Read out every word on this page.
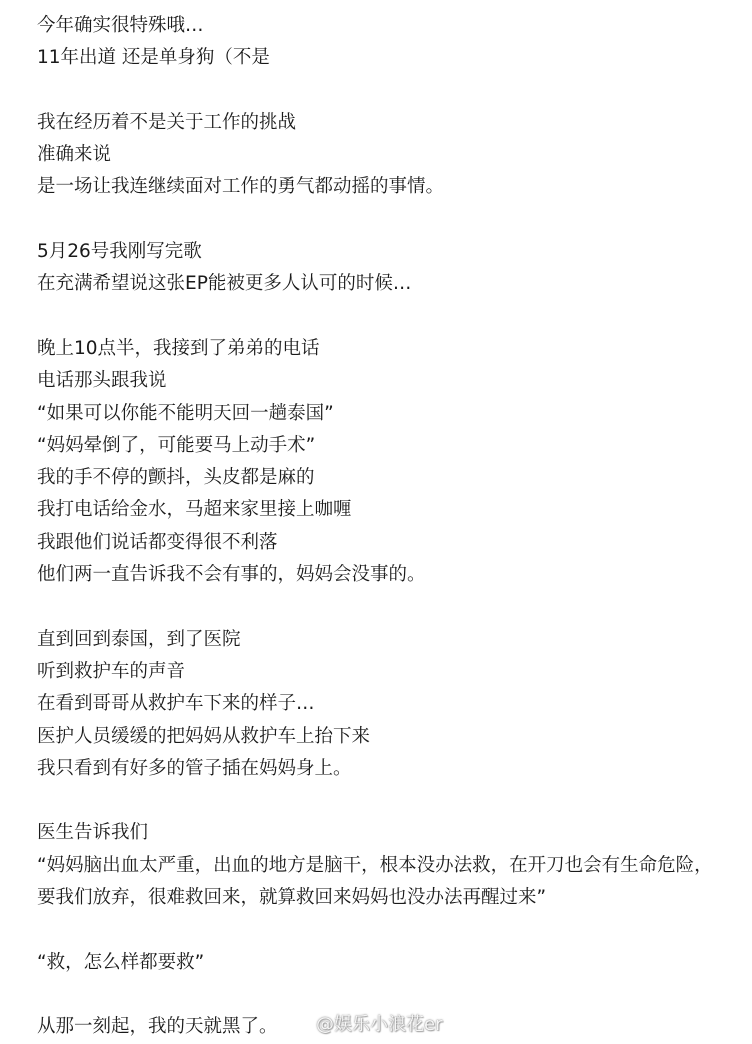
今年确实很特殊哦…
11年出道 还是单身狗（不是
我在经历着不是关于工作的挑战
准确来说
是一场让我连继续面对工作的勇气都动摇的事情。
5月26号我刚写完歌
在充满希望说这张EP能被更多人认可的时候…
晚上10点半，我接到了弟弟的电话
电话那头跟我说
“如果可以你能不能明天回一趟泰国”
“妈妈晕倒了，可能要马上动手术”
我的手不停的颤抖，头皮都是麻的
我打电话给金水，马超来家里接上咖喱
我跟他们说话都变得很不利落
他们两一直告诉我不会有事的，妈妈会没事的。
直到回到泰国，到了医院
听到救护车的声音
在看到哥哥从救护车下来的样子…
医护人员缓缓的把妈妈从救护车上抬下来
我只看到有好多的管子插在妈妈身上。
医生告诉我们
“妈妈脑出血太严重，出血的地方是脑干，根本没办法救，在开刀也会有生命危险，
要我们放弃，很难救回来，就算救回来妈妈也没办法再醒过来”
“救，怎么样都要救”
从那一刻起，我的天就黑了。	@娱乐小浪花er
